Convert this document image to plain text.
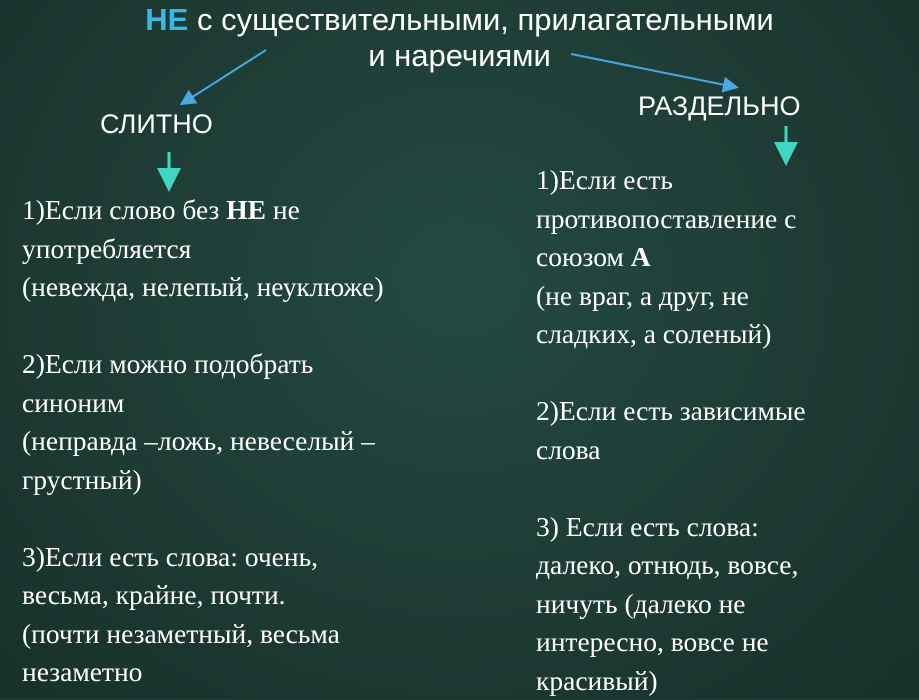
НЕ с существительными, прилагательными
и наречиями
СЛИТНО
РАЗДЕЛЬНО

1)Если слово без НЕ не

употребляется

(невежда, нелепый, неуклюже)

2)Если можно подобрать

синоним

(неправда –ложь, невеселый –

грустный)

3)Если есть слова: очень,

весьма, крайне, почти.

(почти незаметный, весьма

незаметно

1)Если есть

противопоставление с

союзом А

(не враг, а друг, не

сладких, а соленый)

2)Если есть зависимые

слова

3) Если есть слова:

далеко, отнюдь, вовсе,

ничуть (далеко не

интересно, вовсе не

красивый)
